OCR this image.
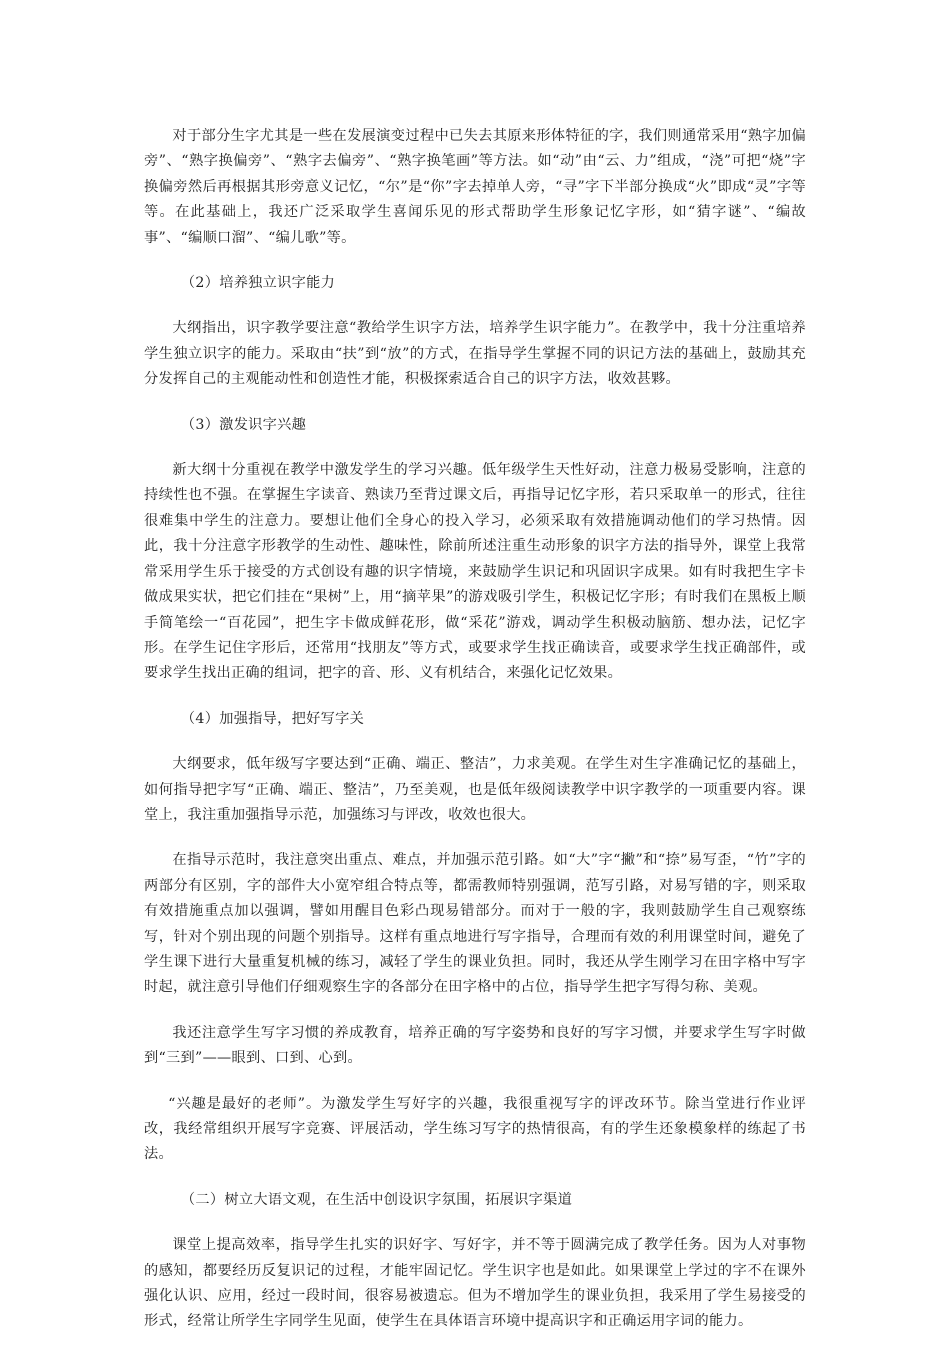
对于部分生字尤其是一些在发展演变过程中已失去其原来形体特征的字，我们则通常采用“熟字加偏旁”、“熟字换偏旁”、“熟字去偏旁”、“熟字换笔画”等方法。如“动”由“云、力”组成，“浇”可把“烧”字换偏旁然后再根据其形旁意义记忆，“尔”是“你”字去掉单人旁，“寻”字下半部分换成“火”即成“灵”字等等。在此基础上，我还广泛采取学生喜闻乐见的形式帮助学生形象记忆字形，如“猜字谜”、“编故事”、“编顺口溜”、“编儿歌”等。

（2）培养独立识字能力

大纲指出，识字教学要注意“教给学生识字方法，培养学生识字能力”。在教学中，我十分注重培养学生独立识字的能力。采取由“扶”到“放”的方式，在指导学生掌握不同的识记方法的基础上，鼓励其充分发挥自己的主观能动性和创造性才能，积极探索适合自己的识字方法，收效甚夥。

（3）激发识字兴趣

新大纲十分重视在教学中激发学生的学习兴趣。低年级学生天性好动，注意力极易受影响，注意的持续性也不强。在掌握生字读音、熟读乃至背过课文后，再指导记忆字形，若只采取单一的形式，往往很难集中学生的注意力。要想让他们全身心的投入学习，必须采取有效措施调动他们的学习热情。因此，我十分注意字形教学的生动性、趣味性，除前所述注重生动形象的识字方法的指导外，课堂上我常常采用学生乐于接受的方式创设有趣的识字情境，来鼓励学生识记和巩固识字成果。如有时我把生字卡做成果实状，把它们挂在“果树”上，用“摘苹果”的游戏吸引学生，积极记忆字形；有时我们在黑板上顺手简笔绘一“百花园”，把生字卡做成鲜花形，做“采花”游戏，调动学生积极动脑筋、想办法，记忆字形。在学生记住字形后，还常用“找朋友”等方式，或要求学生找正确读音，或要求学生找正确部件，或要求学生找出正确的组词，把字的音、形、义有机结合，来强化记忆效果。

（4）加强指导，把好写字关

大纲要求，低年级写字要达到“正确、端正、整洁”，力求美观。在学生对生字准确记忆的基础上，如何指导把字写“正确、端正、整洁”，乃至美观，也是低年级阅读教学中识字教学的一项重要内容。课堂上，我注重加强指导示范，加强练习与评改，收效也很大。

在指导示范时，我注意突出重点、难点，并加强示范引路。如“大”字“撇”和“捺”易写歪，“竹”字的两部分有区别，字的部件大小宽窄组合特点等，都需教师特别强调，范写引路，对易写错的字，则采取有效措施重点加以强调，譬如用醒目色彩凸现易错部分。而对于一般的字，我则鼓励学生自己观察练写，针对个别出现的问题个别指导。这样有重点地进行写字指导，合理而有效的利用课堂时间，避免了学生课下进行大量重复机械的练习，减轻了学生的课业负担。同时，我还从学生刚学习在田字格中写字时起，就注意引导他们仔细观察生字的各部分在田字格中的占位，指导学生把字写得匀称、美观。

我还注意学生写字习惯的养成教育，培养正确的写字姿势和良好的写字习惯，并要求学生写字时做到“三到”——眼到、口到、心到。

“兴趣是最好的老师”。为激发学生写好字的兴趣，我很重视写字的评改环节。除当堂进行作业评改，我经常组织开展写字竞赛、评展活动，学生练习写字的热情很高，有的学生还象模象样的练起了书法。

（二）树立大语文观，在生活中创设识字氛围，拓展识字渠道

课堂上提高效率，指导学生扎实的识好字、写好字，并不等于圆满完成了教学任务。因为人对事物的感知，都要经历反复识记的过程，才能牢固记忆。学生识字也是如此。如果课堂上学过的字不在课外强化认识、应用，经过一段时间，很容易被遗忘。但为不增加学生的课业负担，我采用了学生易接受的形式，经常让所学生字同学生见面，使学生在具体语言环境中提高识字和正确运用字词的能力。
